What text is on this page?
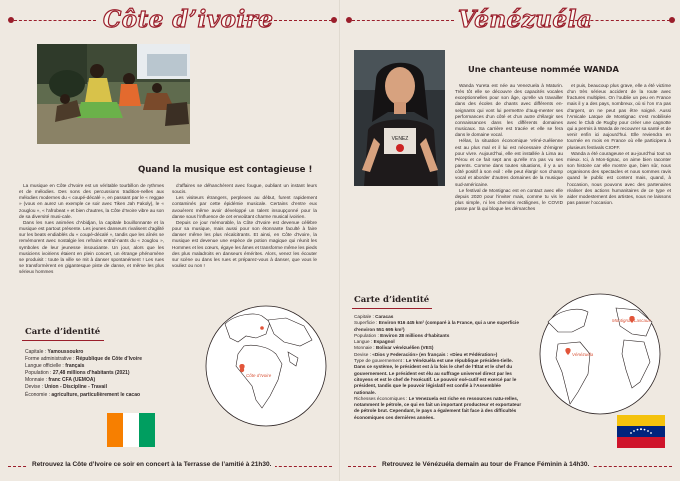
Côte d’ivoire
Quand la musique est contagieuse !

La musique en Côte d’Ivoire est un véritable tourbillon de rythmes et de mélodies. Des sons des percussions tradition-nelles aux mélodies modernes du « coupé-décalé », en passant par le « reggae » (vous en aurez un exemple ce soir avec Tiken Jah Fakoly), le « zouglou », « l’afrobeat » et bien d’autres, la Côte d’Ivoire vibre au son de sa diversité musi-cale.

Dans les rues animées d’Abidjan, la capitale bouillonnante et la musique est partout présente. Les jeunes danseurs rivalisent d’agilité sur les beats endiablés du « coupé-décalé », tandis que les aînés se remémorent avec nostalgie les refrains entraî-nants du « zouglou », symboles de leur jeunesse insouciante. Un jour, alors que les musiciens ivoiriens étaient en plein concert, un étrange phénomène se produisit : toute la ville se mit à danser spontanément ! Les rues se transformèrent en gigantesque piste de danse, et même les plus sérieux hommes

d’affaires se déhanchèrent avec fougue, oubliant un instant leurs soucis.

Les visiteurs étrangers, perplexes au début, furent rapidement contaminés par cette épidémie musicale. Certains d’entre eux avouèrent même avoir développé un talent insoupçonné pour la danse sous l’influence de cet envoûtant charme musical ivoirien.

Depuis ce jour mémorable, la Côte d’Ivoire est devenue célèbre pour sa musique, mais aussi pour son étonnante faculté à faire danser même les plus récalcitrants. Et ainsi, en Côte d’Ivoire, la musique est devenue une espèce de potion magique qui réunit les Hommes et les cœurs, égaye les âmes et transforme même les pieds des plus maladroits en danseurs émérites. Alors, venez les écouter sur scène ou dans les rues et préparez-vous à danser, que vous le vouliez ou non !

Carte d’identité
Capitale : Yamoussoukro
Forme administrative : République de Côte d’Ivoire
Langue officielle : français
Population : 27,48 millions d’habitants (2021)
Monnaie : franc CFA (UEMOA)
Devise : Union - Discipline - Travail
Économie : agriculture, particulièrement le cacao
Côte d’Ivoire
Retrouvez la Côte d’Ivoire ce soir en concert à la Terrasse de l’amitié à 21h30.
Vénézuéla
VENEZ
Une chanteuse nommée WANDA

Wanda Yureta est née au Venezuela à Maturin. Très tôt elle se découvre des capacités vocales exceptionnelles pour son âge, qu’elle va travailler dans des écoles de chants avec différents en-seignants qui vont lui permettre d’aug-menter ses performances d’un côté et d’un autre d’élargir ses connaissances dans les différents domaines musicaux. Sa carrière est tracée et elle se fera dans le domaine vocal.

Hélas, la situation économique Véné-zuélienne est au plus mal et il lui est nécessaire d’émigrer pour vivre. Aujourd’hui, elle est installée à Lima au Pérou et ce fait sept ans qu’elle n’a pas vu ses parents. Comme dans toutes situations, il y a un côté positif à son exil : elle peut élargir son champ vocal et aborder d’autres domaines de la musique sud-américaine.

Le festival de Montignac est en contact avec elle depuis 2020 pour l’inviter mais, comme tu vis le plus simple, ni les chemins rectilignes, le COVID passe par là qui bloque les démarches

et puis, beaucoup plus grave, elle a été victime d’un très sérieux accident de la route avec fractures multiples. On l’oublie un peu en France mais il y a des pays, nombreux, où si l’on n’a pas d’argent, on ne peut pas être soigné. Aussi l’Amicale Laïque de Montignac s’est mobilisée avec le Club de Rugby pour créer une cagnotte qui a permis à Wanda de recouvrer sa santé et de venir enfin ici aujourd’hui. Elle reviendra en tournée en mois en France où elle participera à plusieurs festivals CIOFF.

Wanda a été courageuse et au-jourd’hui tout va mieux. Ici, à Mon-tignac, on aime bien raconter son histoire car elle montre que, bien sûr, nous organisons des spectacles et nous sommes ravis quand le public est content mais, quand, à l’occasion, nous pouvons avec des partenaires réaliser des actions humanitaires de ce type et aider modestement des artistes, nous ne laissons pas passer l’occasion.

Carte d’identité
Capitale : Caracas
Superficie : Environ 916 445 km² (comparé à la France, qui a une superficie d’environ 551 695 km²)
Population : Environ 28 millions d’habitants
Langue : Espagnol
Monnaie : Bolivar vénézuélien (VES)
Devise : «Dios y Federación» (en français : «Dieu et Fédération»)
Type de gouvernement : Le Vénézuéla est une république présiden-tielle. Dans ce système, le président est à la fois le chef de l’État et le chef du gouvernement. Le président est élu au suffrage universel direct par les citoyens et est le chef de l’exécutif. Le pouvoir exé-cutif est exercé par le président, tandis que le pouvoir législatif est confié à l’Assemblée nationale.
Richesses économiques : Le Venezuela est riche en ressources natu-relles, notamment le pétrole, ce qui en fait un important producteur et exportateur de pétrole brut. Cependant, le pays a également fait face à des difficultés économiques ces dernières années.
Vénézuéla
Montignac Lascaux
Retrouvez le Vénézuéla demain au tour de France Féminin à 14h30.
